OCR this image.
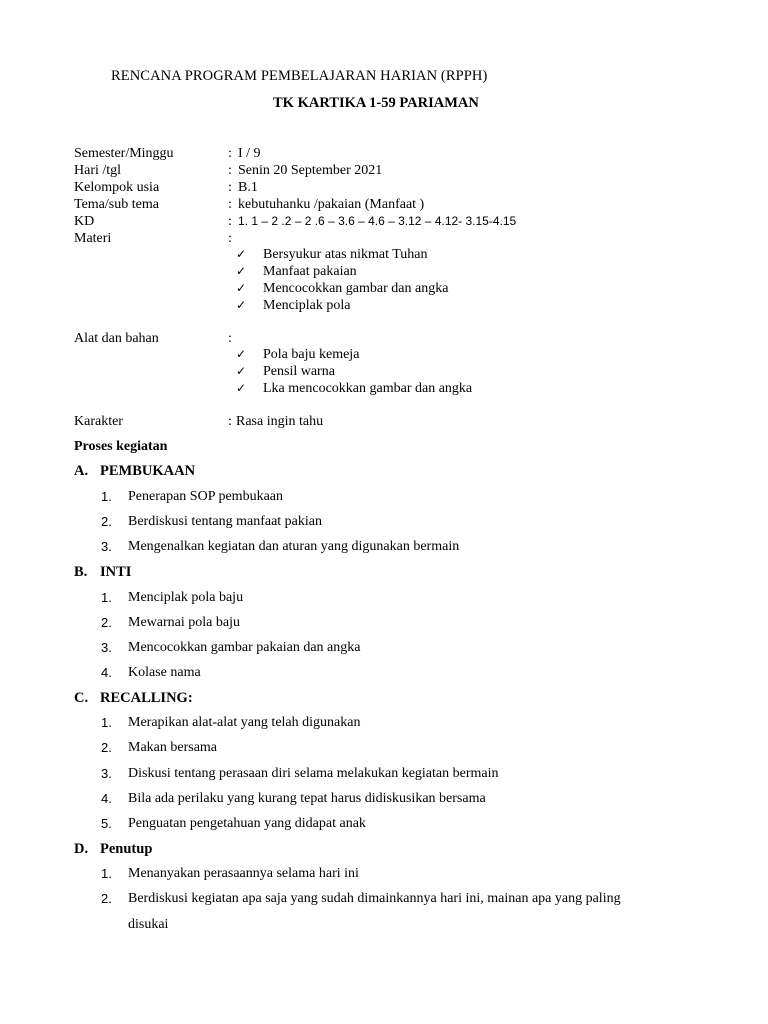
RENCANA PROGRAM PEMBELAJARAN HARIAN (RPPH)
TK KARTIKA 1-59 PARIAMAN
Semester/Minggu	: I / 9
Hari /tgl	: Senin 20 September 2021
Kelompok usia	: B.1
Tema/sub tema	: kebutuhanku /pakaian (Manfaat )
KD	: 1. 1 – 2 .2 – 2 .6 – 3.6 – 4.6 – 3.12 – 4.12- 3.15-4.15
Materi	:
✓ Bersyukur atas nikmat Tuhan
✓ Manfaat pakaian
✓ Mencocokkan gambar dan angka
✓ Menciplak pola
Alat dan bahan	:
✓ Pola baju kemeja
✓ Pensil warna
✓ Lka mencocokkan gambar dan angka
Karakter	: Rasa ingin tahu
Proses kegiatan
A. PEMBUKAAN
1. Penerapan SOP pembukaan
2. Berdiskusi tentang manfaat pakian
3. Mengenalkan kegiatan dan aturan yang digunakan bermain
B. INTI
1. Menciplak pola baju
2. Mewarnai pola baju
3. Mencocokkan gambar pakaian dan angka
4. Kolase nama
C. RECALLING:
1. Merapikan alat-alat yang telah digunakan
2. Makan bersama
3. Diskusi tentang perasaan diri selama melakukan kegiatan bermain
4. Bila ada perilaku yang kurang tepat harus didiskusikan bersama
5. Penguatan pengetahuan yang didapat anak
D. Penutup
1. Menanyakan perasaannya selama hari ini
2. Berdiskusi kegiatan apa saja yang sudah dimainkannya hari ini, mainan apa yang paling
disukai
